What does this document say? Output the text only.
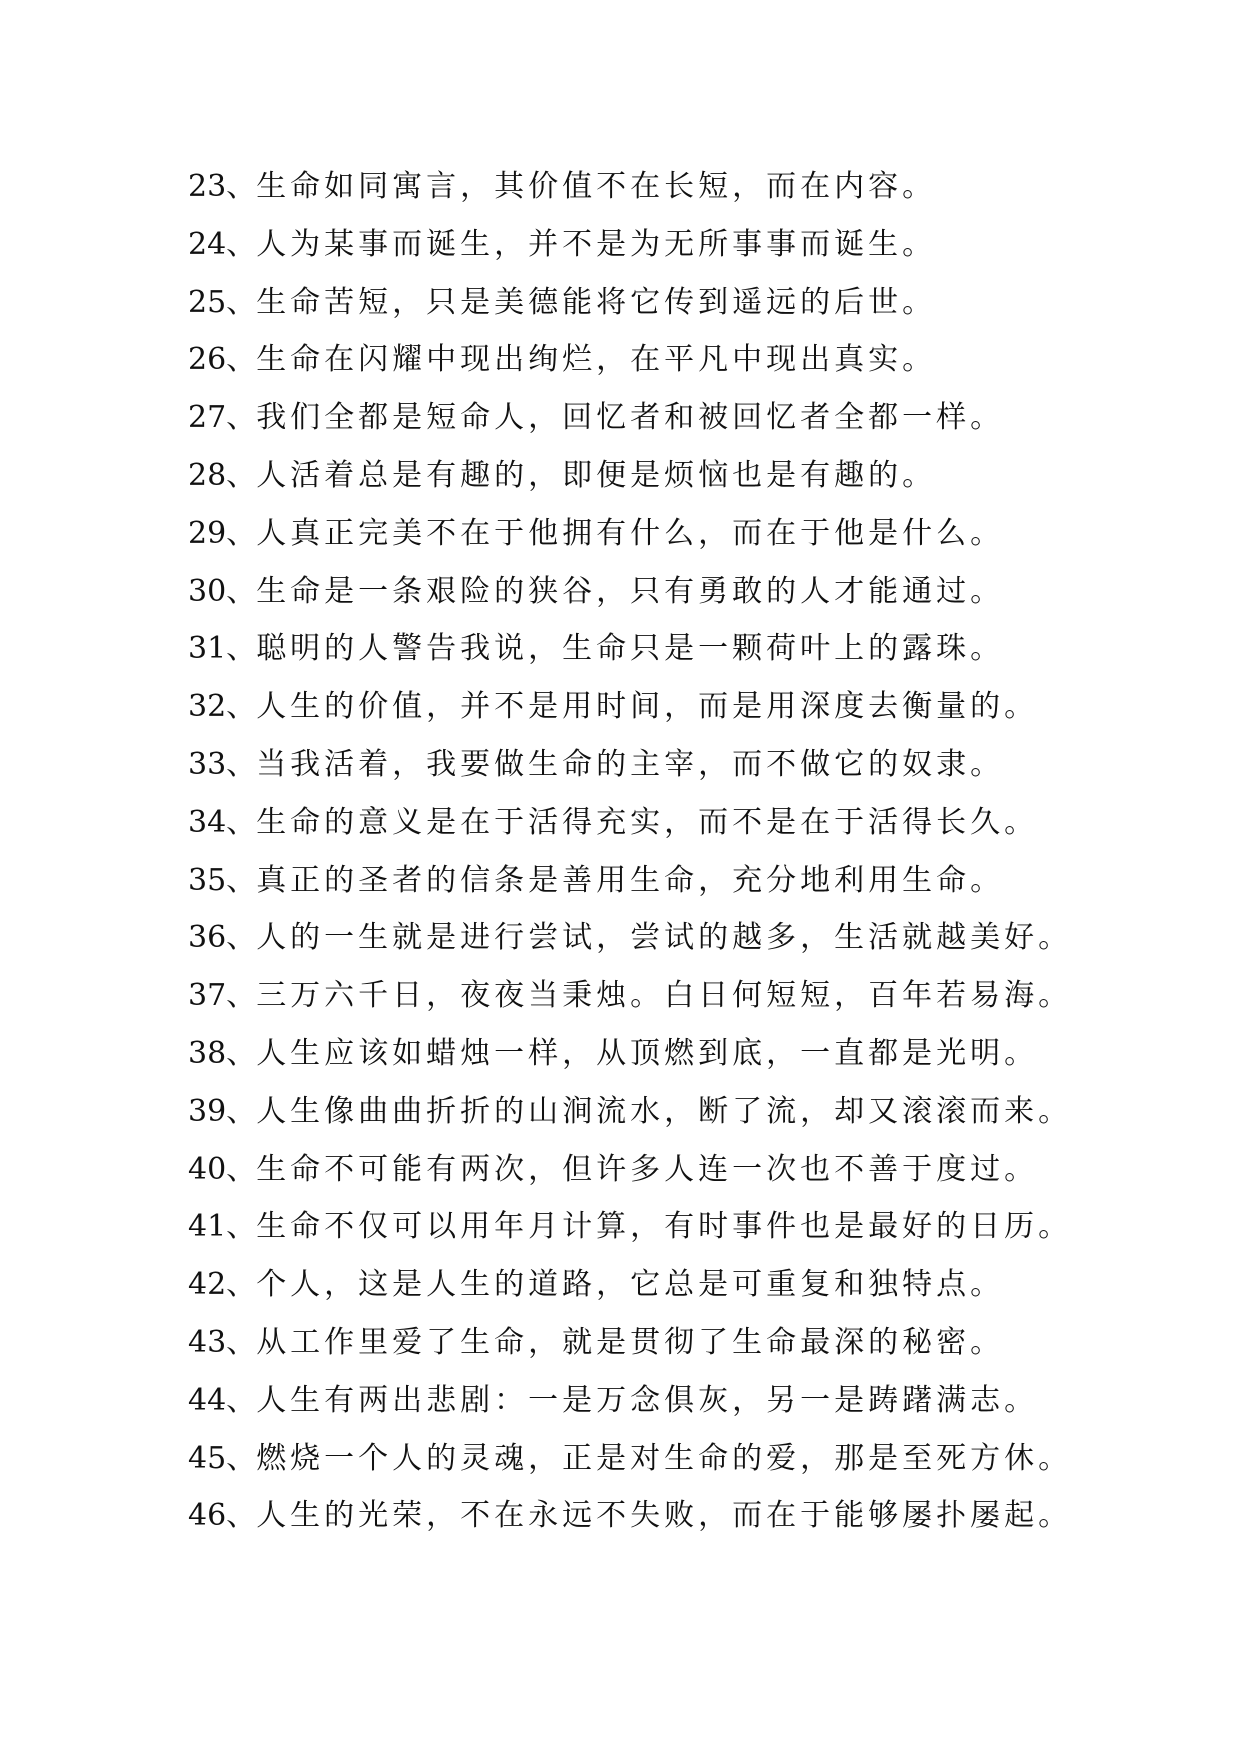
23、生命如同寓言，其价值不在长短，而在内容。
24、人为某事而诞生，并不是为无所事事而诞生。
25、生命苦短，只是美德能将它传到遥远的后世。
26、生命在闪耀中现出绚烂，在平凡中现出真实。
27、我们全都是短命人，回忆者和被回忆者全都一样。
28、人活着总是有趣的，即便是烦恼也是有趣的。
29、人真正完美不在于他拥有什么，而在于他是什么。
30、生命是一条艰险的狭谷，只有勇敢的人才能通过。
31、聪明的人警告我说，生命只是一颗荷叶上的露珠。
32、人生的价值，并不是用时间，而是用深度去衡量的。
33、当我活着，我要做生命的主宰，而不做它的奴隶。
34、生命的意义是在于活得充实，而不是在于活得长久。
35、真正的圣者的信条是善用生命，充分地利用生命。
36、人的一生就是进行尝试，尝试的越多，生活就越美好。
37、三万六千日，夜夜当秉烛。白日何短短，百年若易海。
38、人生应该如蜡烛一样，从顶燃到底，一直都是光明。
39、人生像曲曲折折的山涧流水，断了流，却又滚滚而来。
40、生命不可能有两次，但许多人连一次也不善于度过。
41、生命不仅可以用年月计算，有时事件也是最好的日历。
42、个人，这是人生的道路，它总是可重复和独特点。
43、从工作里爱了生命，就是贯彻了生命最深的秘密。
44、人生有两出悲剧：一是万念俱灰，另一是踌躇满志。
45、燃烧一个人的灵魂，正是对生命的爱，那是至死方休。
46、人生的光荣，不在永远不失败，而在于能够屡扑屡起。
